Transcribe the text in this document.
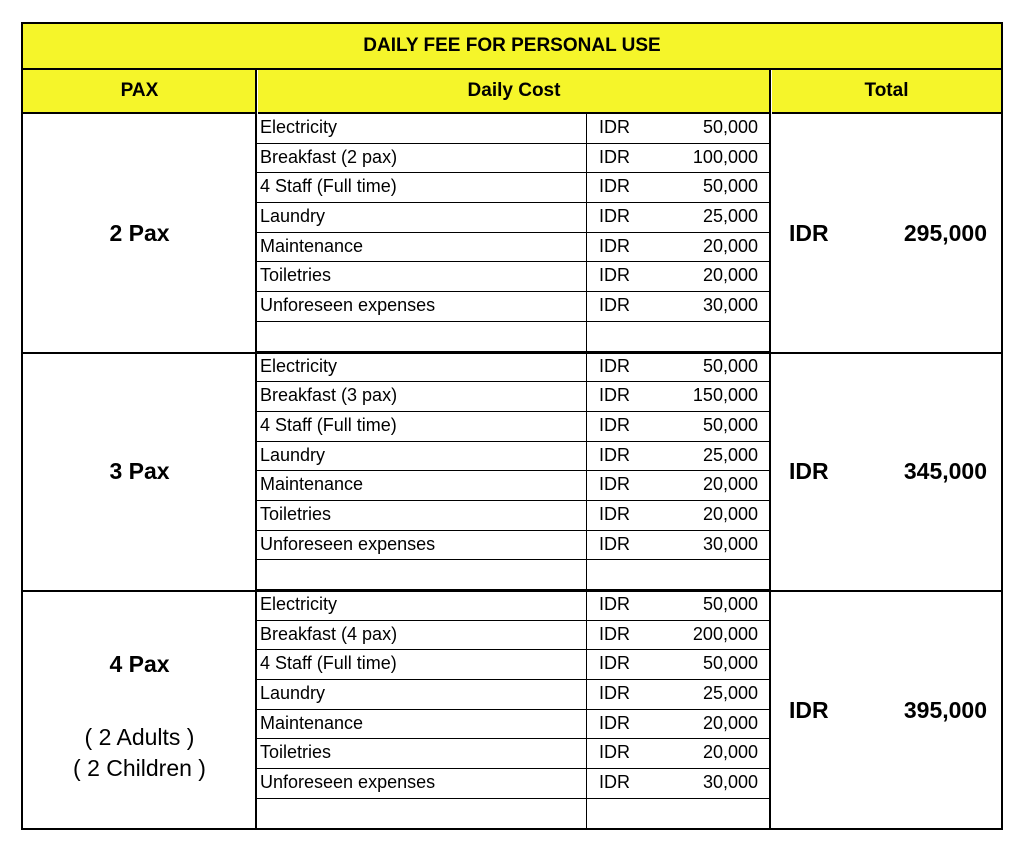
DAILY FEE FOR PERSONAL USE
PAX	Daily Cost	Total
2 Pax
Electricity	IDR	50,000
Breakfast (2 pax)	IDR	100,000
4 Staff (Full time)	IDR	50,000
Laundry	IDR	25,000
Maintenance	IDR	20,000
Toiletries	IDR	20,000
Unforeseen expenses	IDR	30,000
IDR	295,000
3 Pax
Electricity	IDR	50,000
Breakfast (3 pax)	IDR	150,000
4 Staff (Full time)	IDR	50,000
Laundry	IDR	25,000
Maintenance	IDR	20,000
Toiletries	IDR	20,000
Unforeseen expenses	IDR	30,000
IDR	345,000
4 Pax
( 2 Adults )
( 2 Children )
Electricity	IDR	50,000
Breakfast (4 pax)	IDR	200,000
4 Staff (Full time)	IDR	50,000
Laundry	IDR	25,000
Maintenance	IDR	20,000
Toiletries	IDR	20,000
Unforeseen expenses	IDR	30,000
IDR	395,000
